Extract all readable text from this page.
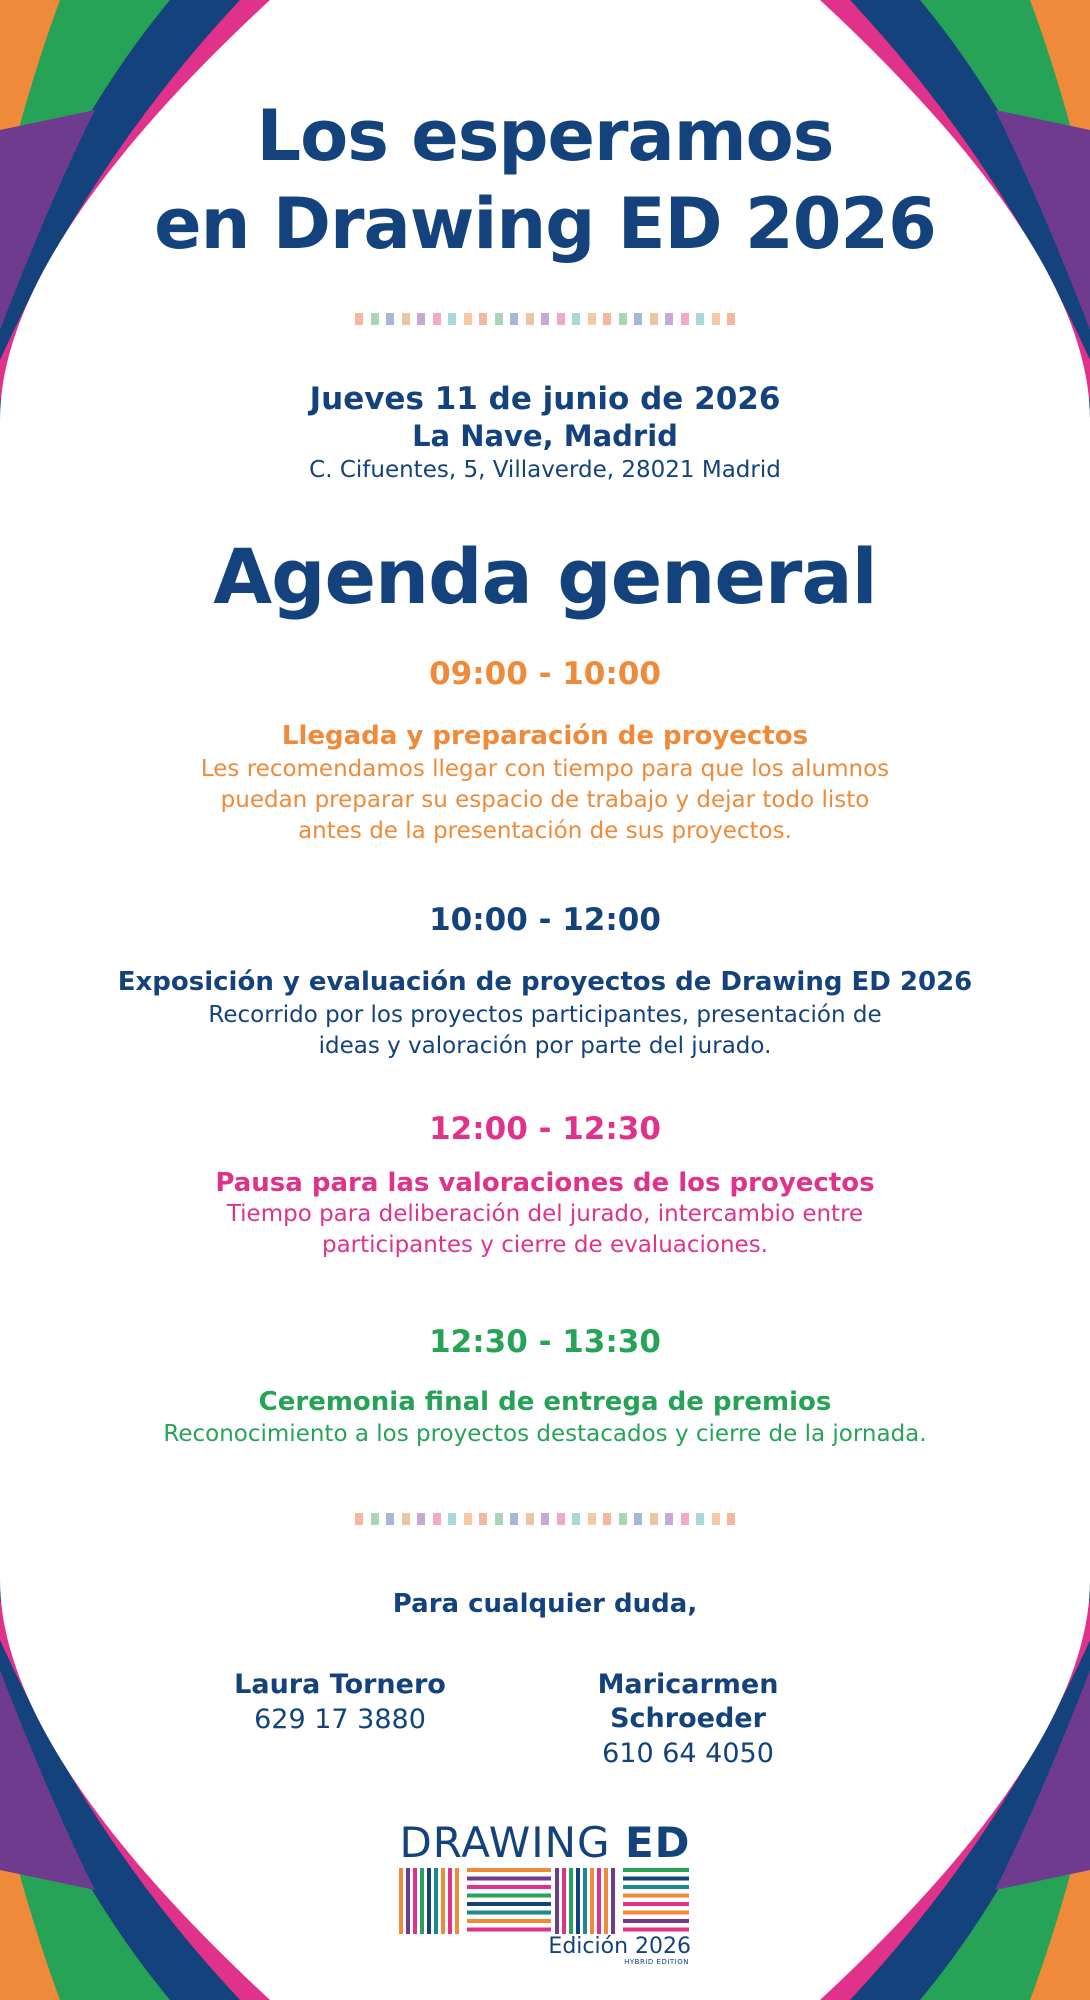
Los esperamos
en Drawing ED 2026
Jueves 11 de junio de 2026
La Nave, Madrid
C. Cifuentes, 5, Villaverde, 28021 Madrid
Agenda general
09:00 - 10:00
Llegada y preparación de proyectos
Les recomendamos llegar con tiempo para que los alumnos
puedan preparar su espacio de trabajo y dejar todo listo
antes de la presentación de sus proyectos.
10:00 - 12:00
Exposición y evaluación de proyectos de Drawing ED 2026
Recorrido por los proyectos participantes, presentación de
ideas y valoración por parte del jurado.
12:00 - 12:30
Pausa para las valoraciones de los proyectos
Tiempo para deliberación del jurado, intercambio entre
participantes y cierre de evaluaciones.
12:30 - 13:30
Ceremonia final de entrega de premios
Reconocimiento a los proyectos destacados y cierre de la jornada.
Para cualquier duda,
Laura Tornero
629 17 3880
Maricarmen Schroeder
610 64 4050
DRAWING ED
Edición 2026
HYBRID EDITION
